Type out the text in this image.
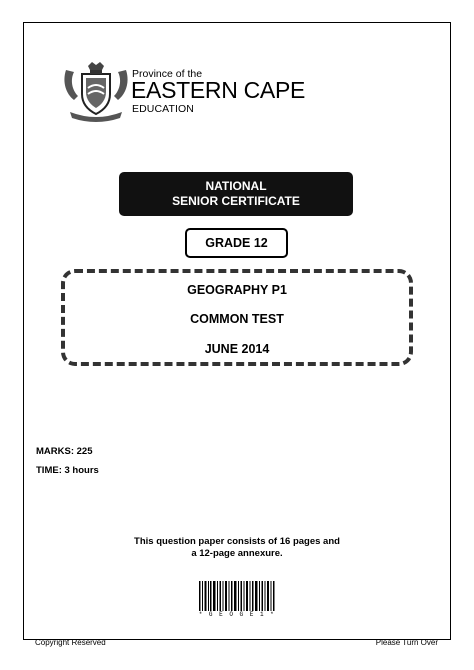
Province of the
EASTERN CAPE
EDUCATION
NATIONAL
SENIOR CERTIFICATE
GRADE 12
GEOGRAPHY P1
COMMON TEST
JUNE 2014
MARKS: 225
TIME: 3 hours
This question paper consists of 16 pages and
a 12-page annexure.
* G E O G E 1 *
Copyright Reserved	Please Turn Over
